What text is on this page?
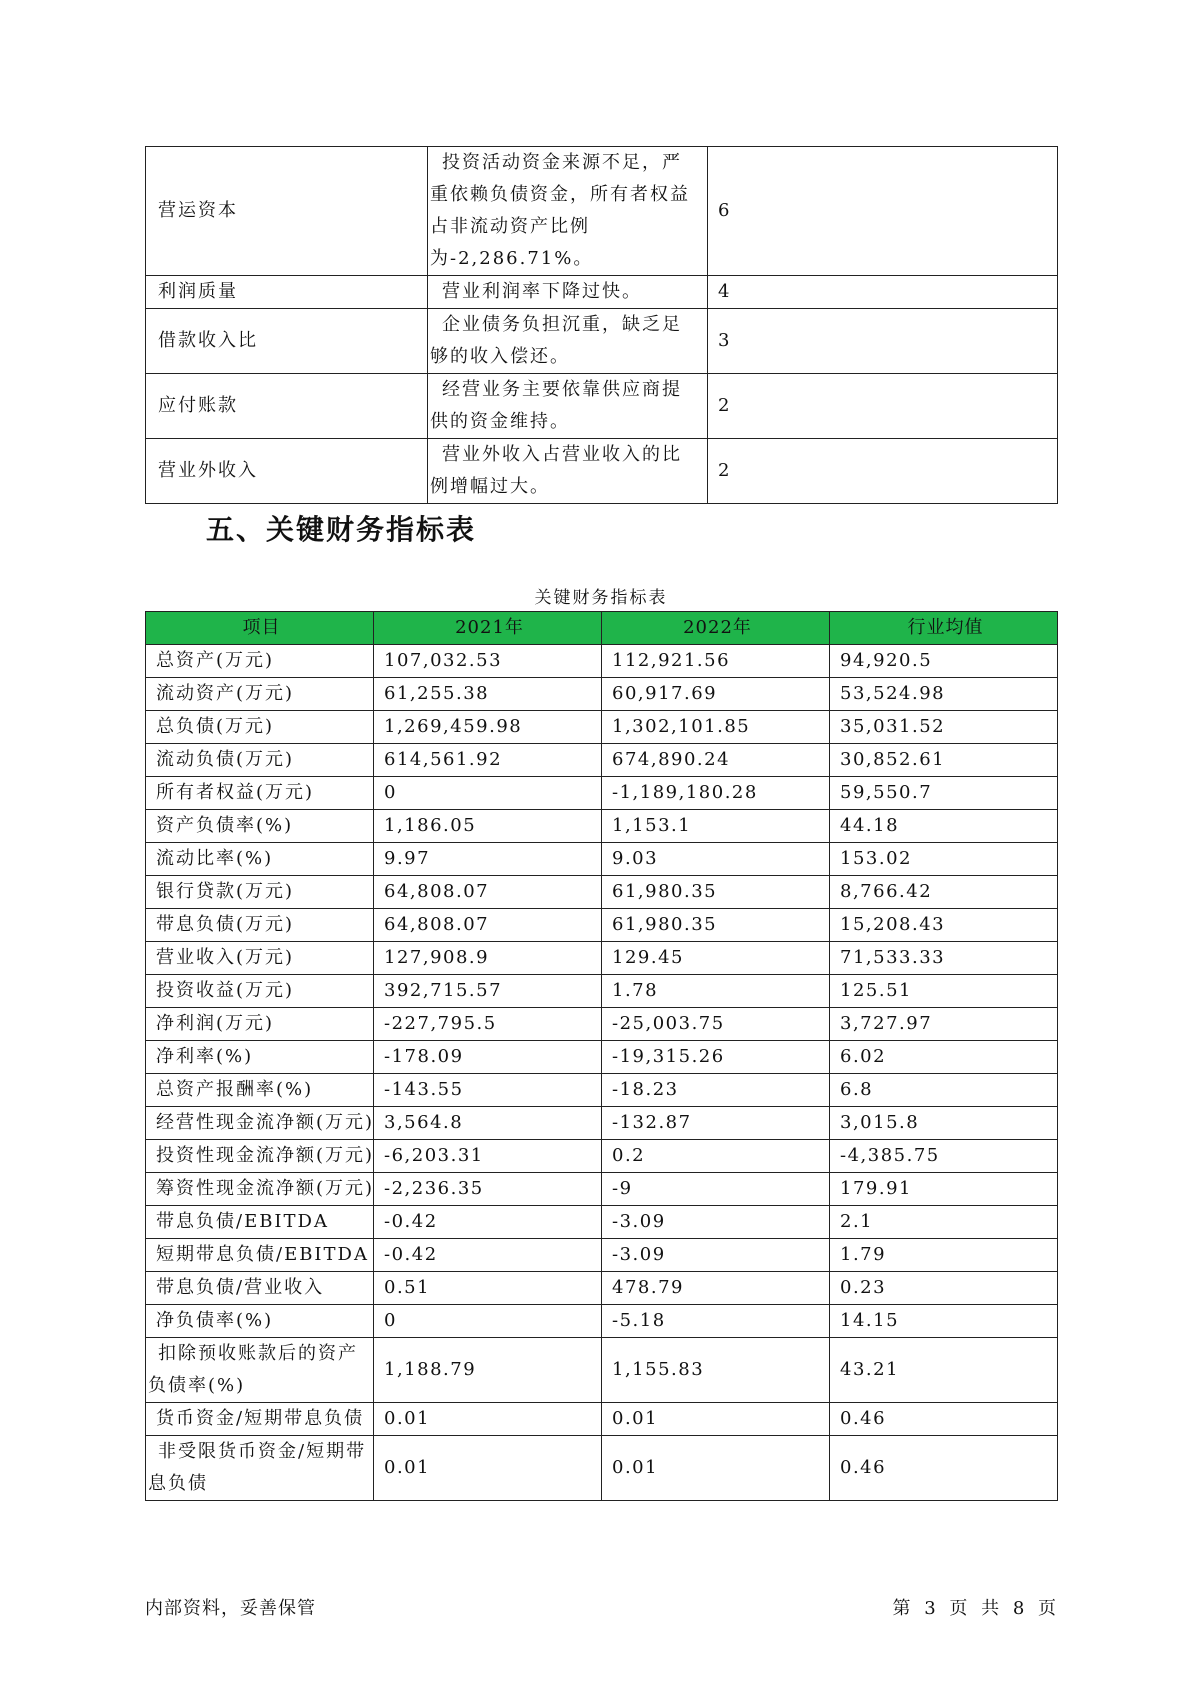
营运资本	投资活动资金来源不足，严重依赖负债资金，所有者权益占非流动资产比例为-2,286.71%。	6
利润质量	营业利润率下降过快。	4
借款收入比	企业债务负担沉重，缺乏足够的收入偿还。	3
应付账款	经营业务主要依靠供应商提供的资金维持。	2
营业外收入	营业外收入占营业收入的比例增幅过大。	2
五、关键财务指标表
关键财务指标表
项目	2021年	2022年	行业均值
总资产(万元)	107,032.53	112,921.56	94,920.5
流动资产(万元)	61,255.38	60,917.69	53,524.98
总负债(万元)	1,269,459.98	1,302,101.85	35,031.52
流动负债(万元)	614,561.92	674,890.24	30,852.61
所有者权益(万元)	0	-1,189,180.28	59,550.7
资产负债率(%)	1,186.05	1,153.1	44.18
流动比率(%)	9.97	9.03	153.02
银行贷款(万元)	64,808.07	61,980.35	8,766.42
带息负债(万元)	64,808.07	61,980.35	15,208.43
营业收入(万元)	127,908.9	129.45	71,533.33
投资收益(万元)	392,715.57	1.78	125.51
净利润(万元)	-227,795.5	-25,003.75	3,727.97
净利率(%)	-178.09	-19,315.26	6.02
总资产报酬率(%)	-143.55	-18.23	6.8
经营性现金流净额(万元)	3,564.8	-132.87	3,015.8
投资性现金流净额(万元)	-6,203.31	0.2	-4,385.75
筹资性现金流净额(万元)	-2,236.35	-9	179.91
带息负债/EBITDA	-0.42	-3.09	2.1
短期带息负债/EBITDA	-0.42	-3.09	1.79
带息负债/营业收入	0.51	478.79	0.23
净负债率(%)	0	-5.18	14.15
扣除预收账款后的资产负债率(%)	1,188.79	1,155.83	43.21
货币资金/短期带息负债	0.01	0.01	0.46
非受限货币资金/短期带息负债	0.01	0.01	0.46
内部资料，妥善保管	第 3 页 共 8 页
